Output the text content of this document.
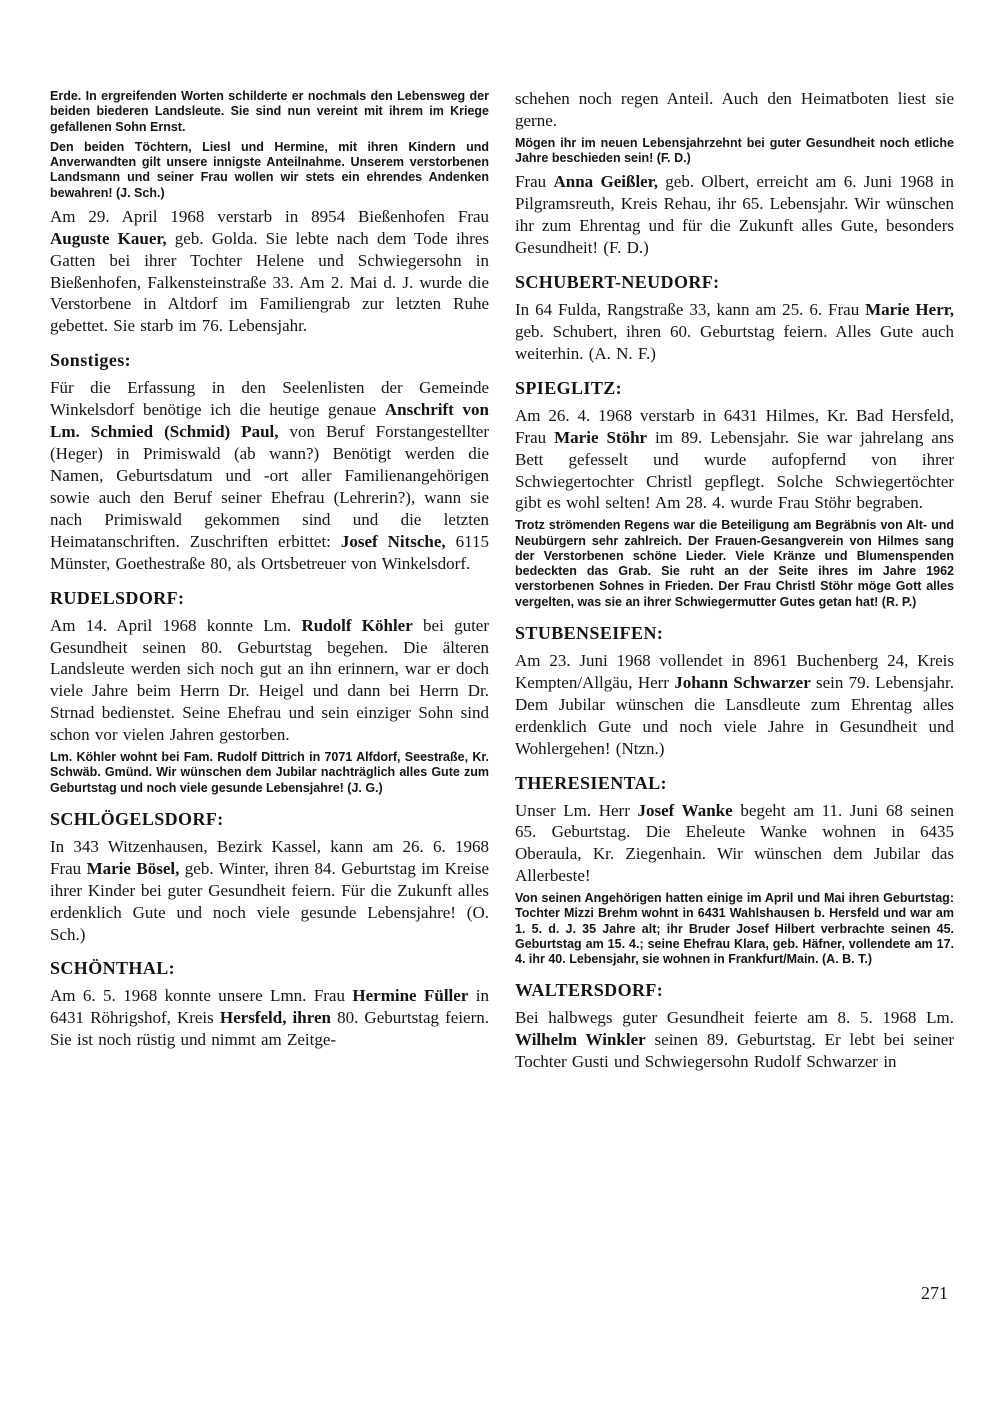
Erde. In ergreifenden Worten schilderte er nochmals den Lebensweg der beiden biederen Landsleute. Sie sind nun vereint mit ihrem im Kriege gefallenen Sohn Ernst.

Den beiden Töchtern, Liesl und Hermine, mit ihren Kindern und Anverwandten gilt unsere innigste Anteilnahme. Unserem verstorbenen Landsmann und seiner Frau wollen wir stets ein ehrendes Andenken bewahren! (J. Sch.)

Am 29. April 1968 verstarb in 8954 Bießenhofen Frau Auguste Kauer, geb. Golda. Sie lebte nach dem Tode ihres Gatten bei ihrer Tochter Helene und Schwiegersohn in Bießenhofen, Falkensteinstraße 33. Am 2. Mai d. J. wurde die Verstorbene in Altdorf im Familiengrab zur letzten Ruhe gebettet. Sie starb im 76. Lebensjahr.

Sonstiges:

Für die Erfassung in den Seelenlisten der Gemeinde Winkelsdorf benötige ich die heutige genaue Anschrift von Lm. Schmied (Schmid) Paul, von Beruf Forstangestellter (Heger) in Primiswald (ab wann?) Benötigt werden die Namen, Geburtsdatum und -ort aller Familienangehörigen sowie auch den Beruf seiner Ehefrau (Lehrerin?), wann sie nach Primiswald gekommen sind und die letzten Heimatanschriften. Zuschriften erbittet: Josef Nitsche, 6115 Münster, Goethestraße 80, als Ortsbetreuer von Winkelsdorf.

RUDELSDORF:

Am 14. April 1968 konnte Lm. Rudolf Köhler bei guter Gesundheit seinen 80. Geburtstag begehen. Die älteren Landsleute werden sich noch gut an ihn erinnern, war er doch viele Jahre beim Herrn Dr. Heigel und dann bei Herrn Dr. Strnad bedienstet. Seine Ehefrau und sein einziger Sohn sind schon vor vielen Jahren gestorben.

Lm. Köhler wohnt bei Fam. Rudolf Dittrich in 7071 Alfdorf, Seestraße, Kr. Schwäb. Gmünd. Wir wünschen dem Jubilar nachträglich alles Gute zum Geburtstag und noch viele gesunde Lebensjahre! (J. G.)

SCHLÖGELSDORF:

In 343 Witzenhausen, Bezirk Kassel, kann am 26. 6. 1968 Frau Marie Bösel, geb. Winter, ihren 84. Geburtstag im Kreise ihrer Kinder bei guter Gesundheit feiern. Für die Zukunft alles erdenklich Gute und noch viele gesunde Lebensjahre! (O. Sch.)

SCHÖNTHAL:

Am 6. 5. 1968 konnte unsere Lmn. Frau Hermine Füller in 6431 Röhrigshof, Kreis Hersfeld, ihren 80. Geburtstag feiern. Sie ist noch rüstig und nimmt am Zeitge-

schehen noch regen Anteil. Auch den Heimatboten liest sie gerne.

Mögen ihr im neuen Lebensjahrzehnt bei guter Gesundheit noch etliche Jahre beschieden sein! (F. D.)

Frau Anna Geißler, geb. Olbert, erreicht am 6. Juni 1968 in Pilgramsreuth, Kreis Rehau, ihr 65. Lebensjahr. Wir wünschen ihr zum Ehrentag und für die Zukunft alles Gute, besonders Gesundheit! (F. D.)

SCHUBERT-NEUDORF:

In 64 Fulda, Rangstraße 33, kann am 25. 6. Frau Marie Herr, geb. Schubert, ihren 60. Geburtstag feiern. Alles Gute auch weiterhin. (A. N. F.)

SPIEGLITZ:

Am 26. 4. 1968 verstarb in 6431 Hilmes, Kr. Bad Hersfeld, Frau Marie Stöhr im 89. Lebensjahr. Sie war jahrelang ans Bett gefesselt und wurde aufopfernd von ihrer Schwiegertochter Christl gepflegt. Solche Schwiegertöchter gibt es wohl selten! Am 28. 4. wurde Frau Stöhr begraben.

Trotz strömenden Regens war die Beteiligung am Begräbnis von Alt- und Neubürgern sehr zahlreich. Der Frauen-Gesangverein von Hilmes sang der Verstorbenen schöne Lieder. Viele Kränze und Blumenspenden bedeckten das Grab. Sie ruht an der Seite ihres im Jahre 1962 verstorbenen Sohnes in Frieden. Der Frau Christl Stöhr möge Gott alles vergelten, was sie an ihrer Schwiegermutter Gutes getan hat! (R. P.)

STUBENSEIFEN:

Am 23. Juni 1968 vollendet in 8961 Buchenberg 24, Kreis Kempten/Allgäu, Herr Johann Schwarzer sein 79. Lebensjahr. Dem Jubilar wünschen die Lansdleute zum Ehrentag alles erdenklich Gute und noch viele Jahre in Gesundheit und Wohlergehen! (Ntzn.)

THERESIENTAL:

Unser Lm. Herr Josef Wanke begeht am 11. Juni 68 seinen 65. Geburtstag. Die Eheleute Wanke wohnen in 6435 Oberaula, Kr. Ziegenhain. Wir wünschen dem Jubilar das Allerbeste!

Von seinen Angehörigen hatten einige im April und Mai ihren Geburtstag: Tochter Mizzi Brehm wohnt in 6431 Wahlshausen b. Hersfeld und war am 1. 5. d. J. 35 Jahre alt; ihr Bruder Josef Hilbert verbrachte seinen 45. Geburtstag am 15. 4.; seine Ehefrau Klara, geb. Häfner, vollendete am 17. 4. ihr 40. Lebensjahr, sie wohnen in Frankfurt/Main. (A. B. T.)

WALTERSDORF:

Bei halbwegs guter Gesundheit feierte am 8. 5. 1968 Lm. Wilhelm Winkler seinen 89. Geburtstag. Er lebt bei seiner Tochter Gusti und Schwiegersohn Rudolf Schwarzer in

271
